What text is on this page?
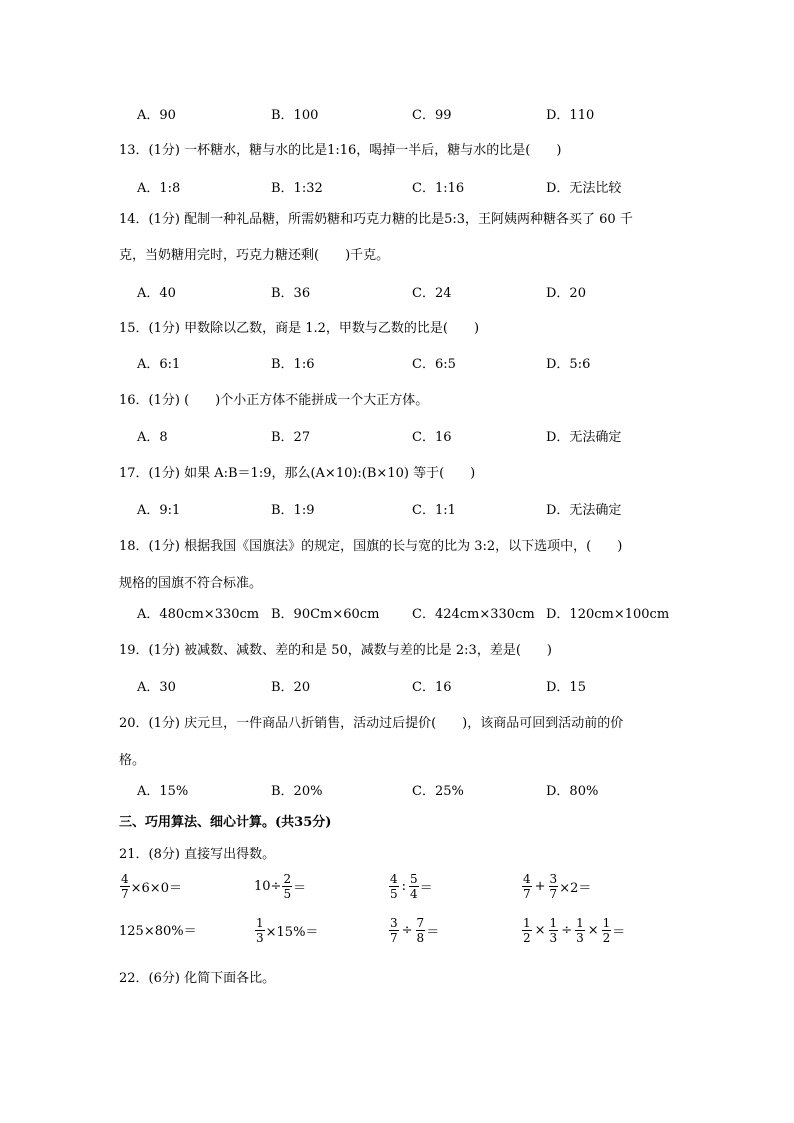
A．90	B．100	C．99	D．110
13．(1分) 一杯糖水，糖与水的比是1:16，喝掉一半后，糖与水的比是(　　)
A．1:8	B．1:32	C．1:16	D．无法比较
14．(1分) 配制一种礼品糖，所需奶糖和巧克力糖的比是5:3，王阿姨两种糖各买了 60 千
克，当奶糖用完时，巧克力糖还剩(　　)千克。
A．40	B．36	C．24	D．20
15．(1分) 甲数除以乙数，商是 1.2，甲数与乙数的比是(　　)
A．6:1	B．1:6	C．6:5	D．5:6
16．(1分) (　　)个小正方体不能拼成一个大正方体。
A．8	B．27	C．16	D．无法确定
17．(1分) 如果 A:B＝1:9，那么(A×10):(B×10) 等于(　　)
A．9:1	B．1:9	C．1:1	D．无法确定
18．(1分) 根据我国《国旗法》的规定，国旗的长与宽的比为 3:2，以下选项中，(　　)
规格的国旗不符合标准。
A．480cm×330cm B．90Cm×60cm	C．424cm×330cm D．120cm×100cm
19．(1分) 被减数、减数、差的和是 50，减数与差的比是 2:3，差是(　　)
A．30	B．20	C．16	D．15
20．(1分) 庆元旦，一件商品八折销售，活动过后提价(　　)，该商品可回到活动前的价
格。
A．15%	B．20%	C．25%	D．80%
三、巧用算法、细心计算。(共35分)
21．(8分) 直接写出得数。
$\frac{4}{7} \times 6\times 0=$	$10\div \frac{2}{5}$ ＝	$\frac{4}{5}$ : $\frac{5}{4}$ ＝	$\frac{4}{7} + \frac{3}{7} \times 2=$
125×80%＝	$\frac{1}{3} \times 15\%=$	$\frac{3}{7} \div \frac{7}{8}$ ＝	$\frac{1}{2} \times \frac{1}{3} \div \frac{1}{3} \times \frac{1}{2}$ ＝
22．(6分) 化简下面各比。
